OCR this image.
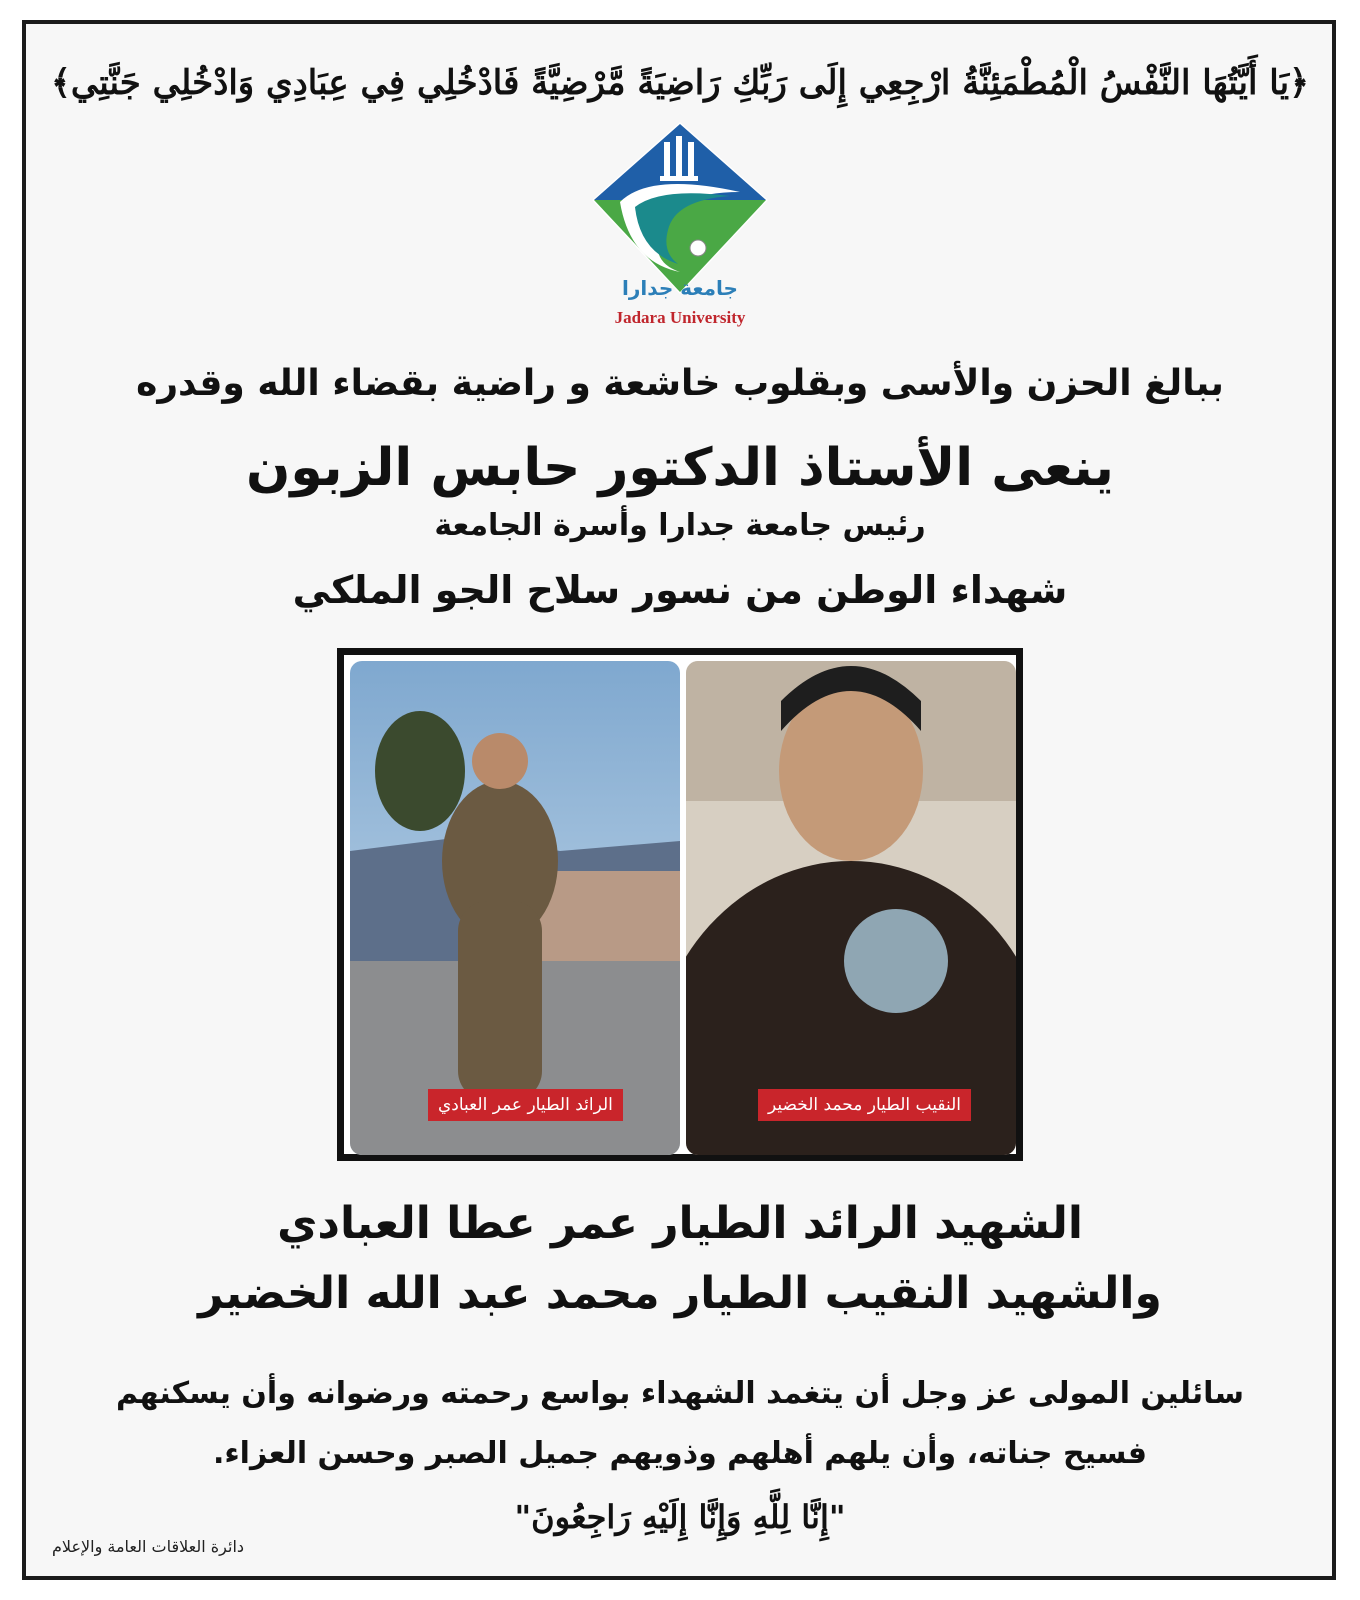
﴿يَا أَيَّتُهَا النَّفْسُ الْمُطْمَئِنَّةُ ارْجِعِي إِلَى رَبِّكِ رَاضِيَةً مَّرْضِيَّةً فَادْخُلِي فِي عِبَادِي وَادْخُلِي جَنَّتِي﴾
جامعة جدارا
Jadara University
ببالغ الحزن والأسى وبقلوب خاشعة و راضية بقضاء الله وقدره
ينعى الأستاذ الدكتور حابس الزبون
رئيس جامعة جدارا وأسرة الجامعة
شهداء الوطن من نسور سلاح الجو الملكي
الرائد الطيار عمر العبادي	النقيب الطيار محمد الخضير
الشهيد الرائد الطيار عمر عطا العبادي
والشهيد النقيب الطيار محمد عبد الله الخضير
سائلين المولى عز وجل أن يتغمد الشهداء بواسع رحمته ورضوانه وأن يسكنهم
فسيح جناته، وأن يلهم أهلهم وذويهم جميل الصبر وحسن العزاء.
"إِنَّا لِلَّهِ وَإِنَّا إِلَيْهِ رَاجِعُونَ"
دائرة العلاقات العامة والإعلام
